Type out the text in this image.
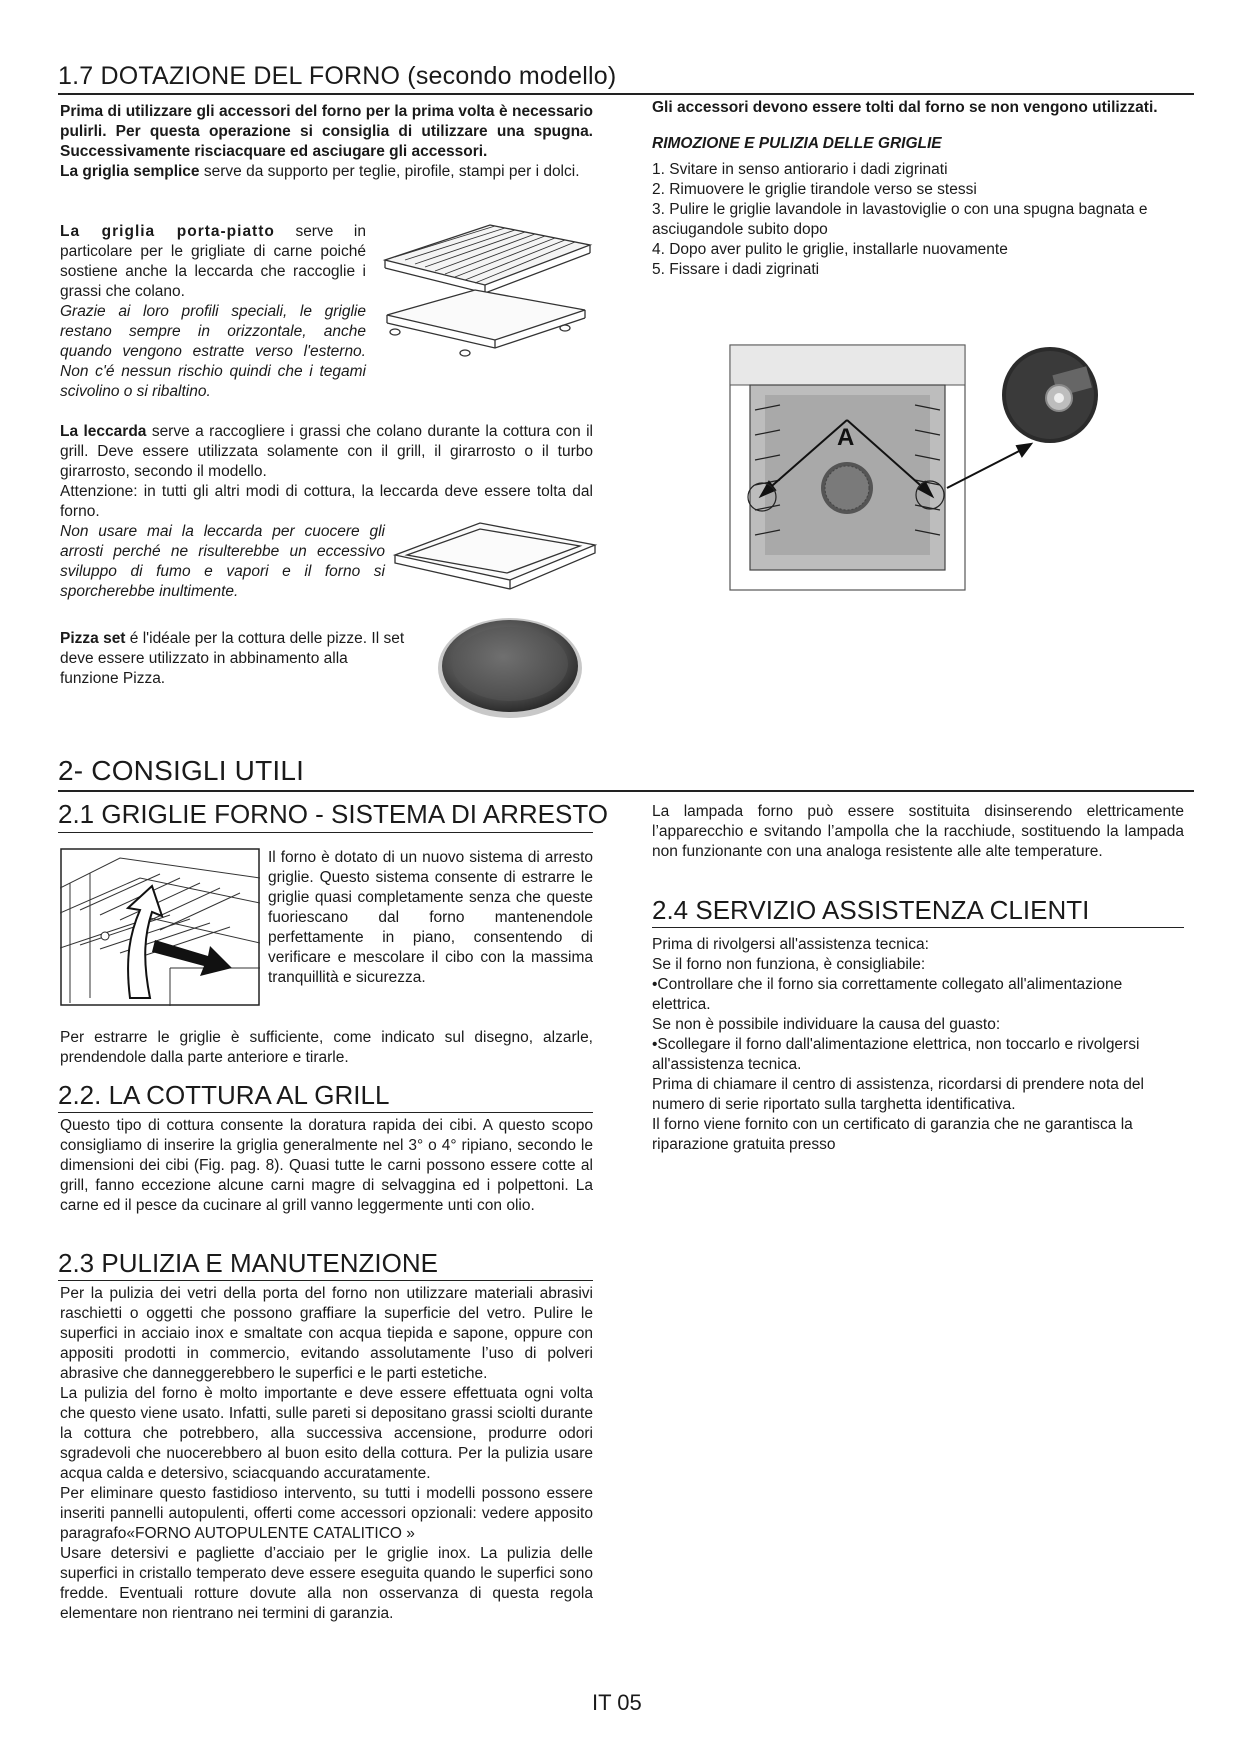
1.7 DOTAZIONE DEL FORNO (secondo modello)

Prima di utilizzare gli accessori del forno per la prima volta è necessario pulirli. Per questa operazione si consiglia di utilizzare una spugna. Successivamente risciacquare ed asciugare gli accessori.

La griglia semplice serve da supporto per teglie, pirofile, stampi per i dolci.

La griglia porta-piatto serve in particolare per le grigliate di carne poiché sostiene anche la leccarda che raccoglie i grassi che colano.

Grazie ai loro profili speciali, le griglie restano sempre in orizzontale, anche quando vengono estratte verso l'esterno. Non c'é nessun rischio quindi che i tegami scivolino o si ribaltino.

La leccarda serve a raccogliere i grassi che colano durante la cottura con il grill. Deve essere utilizzata solamente con il grill, il girarrosto o il turbo girarrosto, secondo il modello.

Attenzione: in tutti gli altri modi di cottura, la leccarda deve essere tolta dal forno.

Non usare mai la leccarda per cuocere gli arrosti perché ne risulterebbe un eccessivo sviluppo di fumo e vapori e il forno si sporcherebbe inultimente.

Pizza set é l'idéale per la cottura delle pizze. Il set deve essere utilizzato in abbinamento alla funzione Pizza.

Gli accessori devono essere tolti dal forno se non vengono utilizzati.

RIMOZIONE E PULIZIA DELLE GRIGLIE

1. Svitare in senso antiorario i dadi zigrinati
2. Rimuovere le griglie tirandole verso se stessi
3. Pulire le griglie lavandole in lavastoviglie o con una spugna bagnata e asciugandole subito dopo
4. Dopo aver pulito le griglie, installarle nuovamente
5. Fissare i dadi zigrinati
A
2- CONSIGLI UTILI
2.1 GRIGLIE FORNO - SISTEMA DI ARRESTO

Il forno è dotato di un nuovo sistema di arresto griglie. Questo sistema consente di estrarre le griglie quasi completamente senza che queste fuoriescano dal forno mantenendole perfettamente in piano, consentendo di verificare e mescolare il cibo con la massima tranquillità e sicurezza.

Per estrarre le griglie è sufficiente, come indicato sul disegno, alzarle, prendendole dalla parte anteriore e tirarle.

2.2. LA COTTURA AL GRILL

Questo tipo di cottura consente la doratura rapida dei cibi. A questo scopo consigliamo di inserire la griglia generalmente nel 3° o 4° ripiano, secondo le dimensioni dei cibi (Fig. pag. 8). Quasi tutte le carni possono essere cotte al grill, fanno eccezione alcune carni magre di selvaggina ed i polpettoni. La carne ed il pesce da cucinare al grill vanno leggermente unti con olio.

2.3 PULIZIA E MANUTENZIONE

Per la pulizia dei vetri della porta del forno non utilizzare materiali abrasivi raschietti o oggetti che possono graffiare la superficie del vetro. Pulire le superfici in acciaio inox e smaltate con acqua tiepida e sapone, oppure con appositi prodotti in commercio, evitando assolutamente l’uso di polveri abrasive che danneggerebbero le superfici e le parti estetiche.

La pulizia del forno è molto importante e deve essere effettuata ogni volta che questo viene usato. Infatti, sulle pareti si depositano grassi sciolti durante la cottura che potrebbero, alla successiva accensione, produrre odori sgradevoli che nuocerebbero al buon esito della cottura. Per la pulizia usare acqua calda e detersivo, sciacquando accuratamente.

Per eliminare questo fastidioso intervento, su tutti i modelli possono essere inseriti pannelli autopulenti, offerti come accessori opzionali: vedere apposito paragrafo«FORNO AUTOPULENTE CATALITICO »

Usare detersivi e pagliette d’acciaio per le griglie inox. La pulizia delle superfici in cristallo temperato deve essere eseguita quando le superfici sono fredde. Eventuali rotture dovute alla non osservanza di questa regola elementare non rientrano nei termini di garanzia.

La lampada forno può essere sostituita disinserendo elettricamente l’apparecchio e svitando l’ampolla che la racchiude, sostituendo la lampada non funzionante con una analoga resistente alle alte temperature.

2.4 SERVIZIO ASSISTENZA CLIENTI

Prima di rivolgersi all'assistenza tecnica:

Se il forno non funziona, è consigliabile:

•Controllare che il forno sia correttamente collegato all'alimentazione elettrica.

Se non è possibile individuare la causa del guasto:

•Scollegare il forno dall'alimentazione elettrica, non toccarlo e rivolgersi all'assistenza tecnica.

Prima di chiamare il centro di assistenza, ricordarsi di prendere nota del numero di serie riportato sulla targhetta identificativa.

Il forno viene fornito con un certificato di garanzia che ne garantisca la riparazione gratuita presso

IT 05
